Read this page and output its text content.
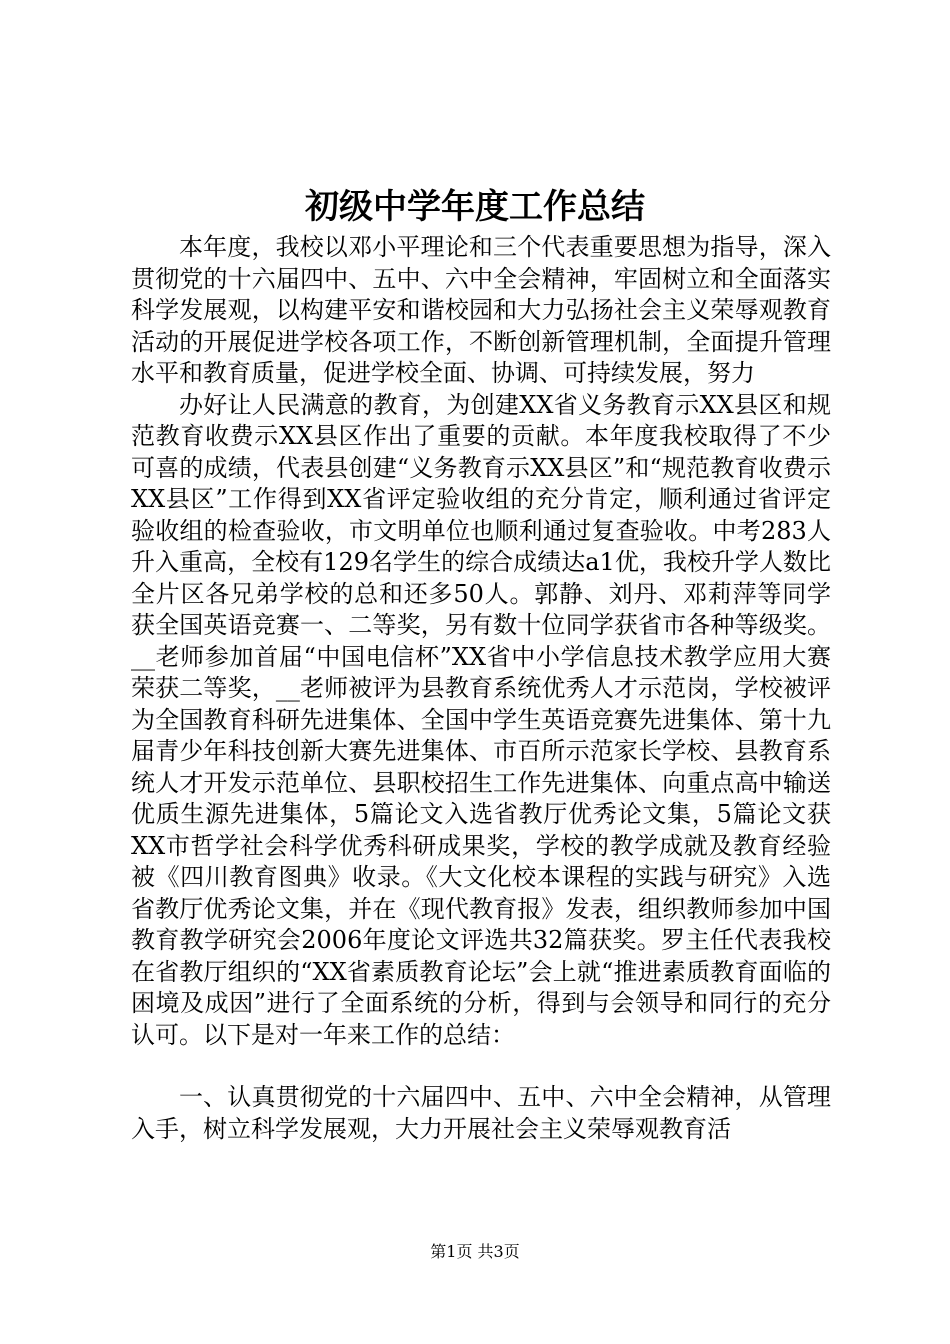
初级中学年度工作总结

本年度，我校以邓小平理论和三个代表重要思想为指导，深入贯彻党的十六届四中、五中、六中全会精神，牢固树立和全面落实科学发展观，以构建平安和谐校园和大力弘扬社会主义荣辱观教育活动的开展促进学校各项工作，不断创新管理机制，全面提升管理水平和教育质量，促进学校全面、协调、可持续发展，努力

办好让人民满意的教育，为创建XX省义务教育示XX县区和规范教育收费示XX县区作出了重要的贡献。本年度我校取得了不少可喜的成绩，代表县创建“义务教育示XX县区”和“规范教育收费示XX县区”工作得到XX省评定验收组的充分肯定，顺利通过省评定验收组的检查验收，市文明单位也顺利通过复查验收。中考283人升入重高，全校有129名学生的综合成绩达a1优，我校升学人数比全片区各兄弟学校的总和还多50人。郭静、刘丹、邓莉萍等同学获全国英语竞赛一、二等奖，另有数十位同学获省市各种等级奖。__老师参加首届“中国电信杯”XX省中小学信息技术教学应用大赛荣获二等奖，__老师被评为县教育系统优秀人才示范岗，学校被评为全国教育科研先进集体、全国中学生英语竞赛先进集体、第十九届青少年科技创新大赛先进集体、市百所示范家长学校、县教育系统人才开发示范单位、县职校招生工作先进集体、向重点高中输送优质生源先进集体，5篇论文入选省教厅优秀论文集，5篇论文获XX市哲学社会科学优秀科研成果奖，学校的教学成就及教育经验被《四川教育图典》收录。《大文化校本课程的实践与研究》入选省教厅优秀论文集，并在《现代教育报》发表，组织教师参加中国教育教学研究会2006年度论文评选共32篇获奖。罗主任代表我校在省教厅组织的“XX省素质教育论坛”会上就“推进素质教育面临的困境及成因”进行了全面系统的分析，得到与会领导和同行的充分认可。以下是对一年来工作的总结：

一、认真贯彻党的十六届四中、五中、六中全会精神，从管理入手，树立科学发展观，大力开展社会主义荣辱观教育活

第1页 共3页
